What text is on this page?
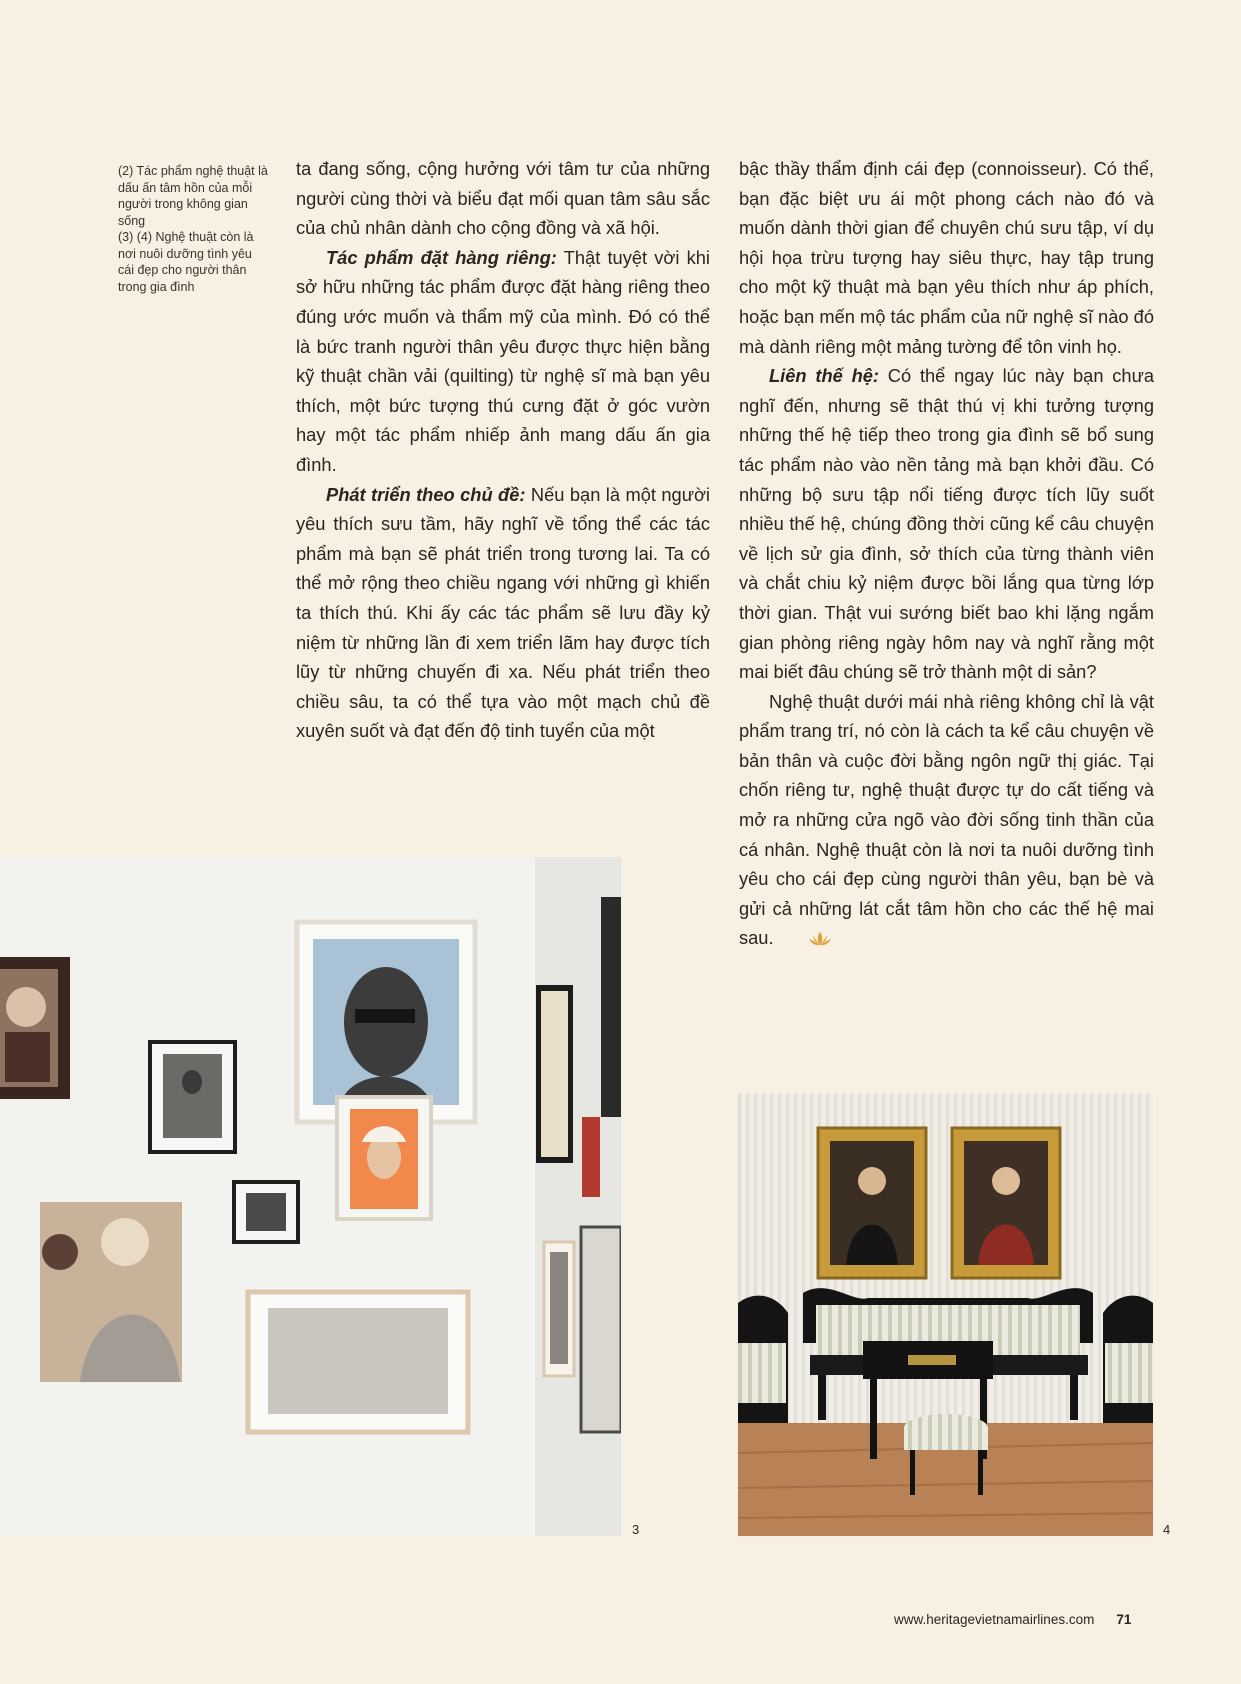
(2) Tác phẩm nghệ thuật là dấu ấn tâm hồn của mỗi người trong không gian sống

(3) (4) Nghệ thuật còn là nơi nuôi dưỡng tình yêu cái đẹp cho người thân trong gia đình

ta đang sống, cộng hưởng với tâm tư của những người cùng thời và biểu đạt mối quan tâm sâu sắc của chủ nhân dành cho cộng đồng và xã hội.

Tác phẩm đặt hàng riêng: Thật tuyệt vời khi sở hữu những tác phẩm được đặt hàng riêng theo đúng ước muốn và thẩm mỹ của mình. Đó có thể là bức tranh người thân yêu được thực hiện bằng kỹ thuật chần vải (quilting) từ nghệ sĩ mà bạn yêu thích, một bức tượng thú cưng đặt ở góc vườn hay một tác phẩm nhiếp ảnh mang dấu ấn gia đình.

Phát triển theo chủ đề: Nếu bạn là một người yêu thích sưu tầm, hãy nghĩ về tổng thể các tác phẩm mà bạn sẽ phát triển trong tương lai. Ta có thể mở rộng theo chiều ngang với những gì khiến ta thích thú. Khi ấy các tác phẩm sẽ lưu đầy kỷ niệm từ những lần đi xem triển lãm hay được tích lũy từ những chuyến đi xa. Nếu phát triển theo chiều sâu, ta có thể tựa vào một mạch chủ đề xuyên suốt và đạt đến độ tinh tuyển của một

bậc thầy thẩm định cái đẹp (connoisseur). Có thể, bạn đặc biệt ưu ái một phong cách nào đó và muốn dành thời gian để chuyên chú sưu tập, ví dụ hội họa trừu tượng hay siêu thực, hay tập trung cho một kỹ thuật mà bạn yêu thích như áp phích, hoặc bạn mến mộ tác phẩm của nữ nghệ sĩ nào đó mà dành riêng một mảng tường để tôn vinh họ.

Liên thế hệ: Có thể ngay lúc này bạn chưa nghĩ đến, nhưng sẽ thật thú vị khi tưởng tượng những thế hệ tiếp theo trong gia đình sẽ bổ sung tác phẩm nào vào nền tảng mà bạn khởi đầu. Có những bộ sưu tập nổi tiếng được tích lũy suốt nhiều thế hệ, chúng đồng thời cũng kể câu chuyện về lịch sử gia đình, sở thích của từng thành viên và chắt chiu kỷ niệm được bồi lắng qua từng lớp thời gian. Thật vui sướng biết bao khi lặng ngắm gian phòng riêng ngày hôm nay và nghĩ rằng một mai biết đâu chúng sẽ trở thành một di sản?

Nghệ thuật dưới mái nhà riêng không chỉ là vật phẩm trang trí, nó còn là cách ta kể câu chuyện về bản thân và cuộc đời bằng ngôn ngữ thị giác. Tại chốn riêng tư, nghệ thuật được tự do cất tiếng và mở ra những cửa ngõ vào đời sống tinh thần của cá nhân. Nghệ thuật còn là nơi ta nuôi dưỡng tình yêu cho cái đẹp cùng người thân yêu, bạn bè và gửi cả những lát cắt tâm hồn cho các thế hệ mai sau.

3	4
www.heritagevietnamairlines.com 71
